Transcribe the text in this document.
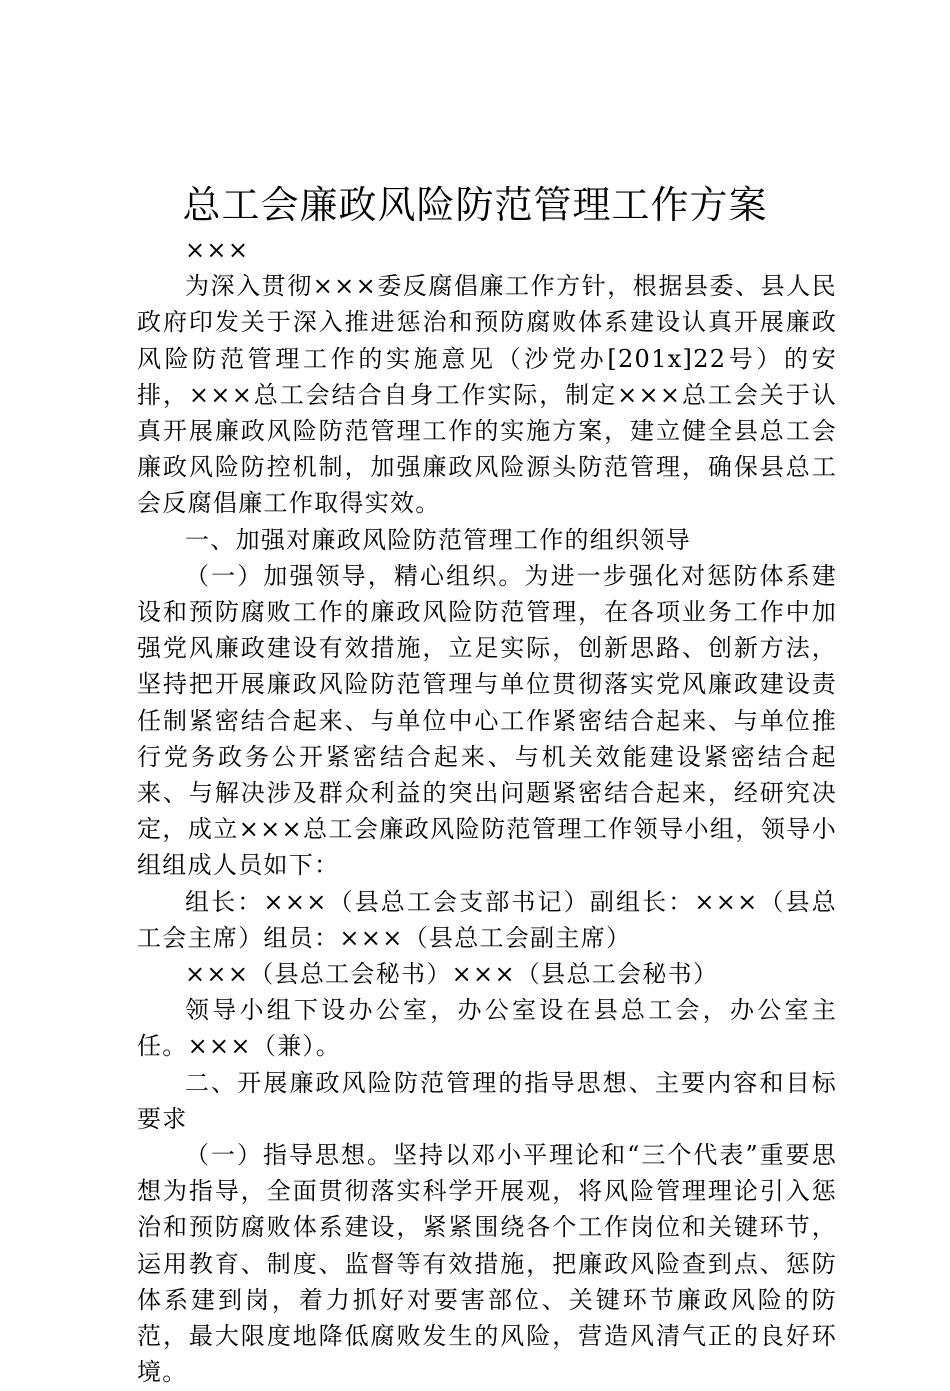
总工会廉政风险防范管理工作方案

×××

为深入贯彻×××委反腐倡廉工作方针，根据县委、县人民政府印发关于深入推进惩治和预防腐败体系建设认真开展廉政风险防范管理工作的实施意见（沙党办[201x]22号）的安排，×××总工会结合自身工作实际，制定×××总工会关于认真开展廉政风险防范管理工作的实施方案，建立健全县总工会廉政风险防控机制，加强廉政风险源头防范管理，确保县总工会反腐倡廉工作取得实效。

一、加强对廉政风险防范管理工作的组织领导

（一）加强领导，精心组织。为进一步强化对惩防体系建设和预防腐败工作的廉政风险防范管理，在各项业务工作中加强党风廉政建设有效措施，立足实际，创新思路、创新方法，坚持把开展廉政风险防范管理与单位贯彻落实党风廉政建设责任制紧密结合起来、与单位中心工作紧密结合起来、与单位推行党务政务公开紧密结合起来、与机关效能建设紧密结合起来、与解决涉及群众利益的突出问题紧密结合起来，经研究决定，成立×××总工会廉政风险防范管理工作领导小组，领导小组组成人员如下：

组长：×××（县总工会支部书记）副组长：×××（县总工会主席）组员：×××（县总工会副主席）

×××（县总工会秘书）×××（县总工会秘书）

领导小组下设办公室，办公室设在县总工会，办公室主任。×××（兼）。

二、开展廉政风险防范管理的指导思想、主要内容和目标要求

（一）指导思想。坚持以邓小平理论和“三个代表”重要思想为指导，全面贯彻落实科学开展观，将风险管理理论引入惩治和预防腐败体系建设，紧紧围绕各个工作岗位和关键环节，运用教育、制度、监督等有效措施，把廉政风险查到点、惩防体系建到岗，着力抓好对要害部位、关键环节廉政风险的防范，最大限度地降低腐败发生的风险，营造风清气正的良好环境。
